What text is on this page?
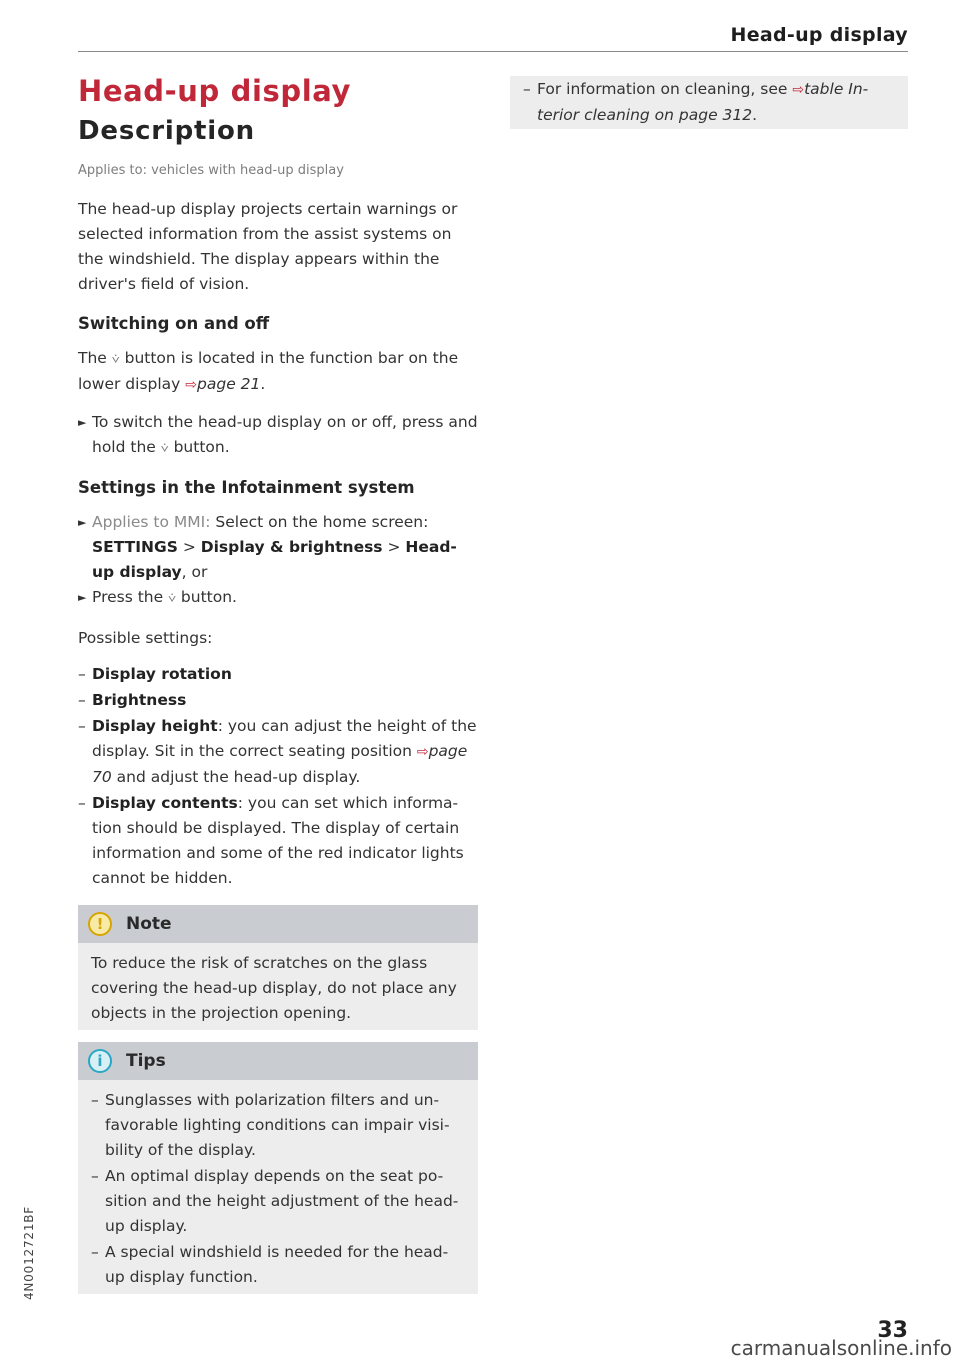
Head-up display
Head-up display
Description
Applies to: vehicles with head-up display

The head-up display projects certain warnings or selected information from the assist systems on the windshield. The display appears within the driver's field of vision.

Switching on and off

The ⩒ button is located in the function bar on the lower display ⇨page 21.

► To switch the head-up display on or off, press and hold the ⩒ button.
Settings in the Infotainment system
► Applies to MMI: Select on the home screen: SETTINGS > Display & brightness > Head-up display, or
► Press the ⩒ button.

Possible settings:

– Display rotation
– Brightness
– Display height: you can adjust the height of the display. Sit in the correct seating position ⇨page 70 and adjust the head-up display.
– Display contents: you can set which informa-tion should be displayed. The display of certain information and some of the red indicator lights cannot be hidden.
!	Note

To reduce the risk of scratches on the glass covering the head-up display, do not place any objects in the projection opening.

i	Tips
– Sunglasses with polarization filters and un-favorable lighting conditions can impair visi-bility of the display.
– An optimal display depends on the seat po-sition and the height adjustment of the head-up display.
– A special windshield is needed for the head-up display function.
– For information on cleaning, see ⇨table In-terior cleaning on page 312.
4N0012721BF
33
carmanualsonline.info
